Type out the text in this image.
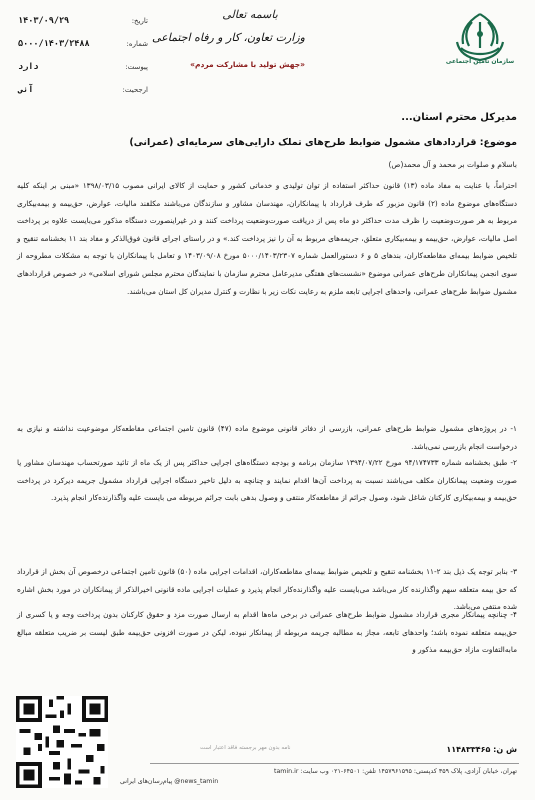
سازمان تامین اجتماعی
باسمه تعالی
وزارت تعاون، کار و رفاه اجتماعی
«جهش تولید با مشارکت مردم»
تاریخ:
۱۴۰۳/۰۹/۲۹
شماره:
۵۰۰۰/۱۴۰۳/۲۴۸۸
پیوست:
دارد
ارجحیت:
آنی
مدیرکل محترم استان...
موضوع: قراردادهای مشمول ضوابط طرح‌های تملک دارایی‌های سرمایه‌ای (عمرانی)
باسلام و صلوات بر محمد و آل محمد(ص)
احتراماً، با عنایت به مفاد ماده (۱۳) قانون حداکثر استفاده از توان تولیدی و خدماتی کشور و حمایت از کالای ایرانی مصوب ۱۳۹۸/۰۳/۱۵ «مبنی بر اینکه کلیه دستگاه‌های موضوع ماده (۲) قانون مزبور که طرف قرارداد با پیمانکاران، مهندسان مشاور و سازندگان می‌باشند مکلفند مالیات، عوارض، حق‌بیمه و بیمه‌بیکاری مربوط به هر صورت‌وضعیت را ظرف مدت حداکثر دو ماه پس از دریافت صورت‌وضعیت پرداخت کنند و در غیراینصورت دستگاه مذکور می‌بایست علاوه بر پرداخت اصل مالیات، عوارض، حق‌بیمه و بیمه‌بیکاری متعلق، جریمه‌های مربوط به آن را نیز پرداخت کند.» و در راستای اجرای قانون فوق‌الذکر و مفاد بند ۱۱ بخشنامه تنقیح و تلخیص ضوابط بیمه‌ای مقاطعه‌کاران، بندهای ۵ و ۶ دستورالعمل شماره ۵۰۰۰/۱۴۰۳/۲۳۰۷ مورخ ۱۴۰۳/۰۹/۰۸ و تعامل با پیمانکاران با توجه به مشکلات مطروحه از سوی انجمن پیمانکاران طرح‌های عمرانی موضوع «نشست‌های هفتگی مدیرعامل محترم سازمان با نمایندگان محترم مجلس شورای اسلامی» در خصوص قراردادهای مشمول ضوابط طرح‌های عمرانی، واحدهای اجرایی تابعه ملزم به رعایت نکات زیر با نظارت و کنترل مدیران کل استان می‌باشند.
۱- در پروژه‌های مشمول ضوابط طرح‌های عمرانی، بازرسی از دفاتر قانونی موضوع ماده (۴۷) قانون تامین اجتماعی مقاطعه‌کار موضوعیت نداشته و نیازی به درخواست انجام بازرسی نمی‌باشد.
۲- طبق بخشنامه شماره ۹۴/۱۷۴۷۳۳ مورخ ۱۳۹۴/۰۷/۲۲ سازمان برنامه و بودجه دستگاه‌های اجرایی حداکثر پس از یک ماه از تائید صورتحساب مهندسان مشاور یا صورت وضعیت پیمانکاران مکلف می‌باشند نسبت به پرداخت آن‌ها اقدام نمایند و چنانچه به دلیل تاخیر دستگاه اجرایی قرارداد مشمول جریمه دیرکرد در پرداخت حق‌بیمه و بیمه‌بیکاری کارکنان شاغل شود، وصول جرائم از مقاطعه‌کار منتفی و وصول بدهی بابت جرائم مربوطه می بایست علیه واگذارنده‌کار انجام پذیرد.
۳- بنابر توجه یک ذیل بند ۲-۱۱ بخشنامه تنقیح و تلخیص ضوابط بیمه‌ای مقاطعه‌کاران، اقدامات اجرایی ماده (۵۰) قانون تامین اجتماعی درخصوص آن بخش از قرارداد که حق بیمه متعلقه سهم واگذارنده کار می‌باشد می‌بایست علیه واگذارنده‌کار انجام پذیرد و عملیات اجرایی ماده قانونی اخیرالذکر از پیمانکاران در مورد بخش اشاره شده منتفی می‌باشد.
۴- چنانچه پیمانکار مجری قرارداد مشمول ضوابط طرح‌های عمرانی در برخی ماه‌ها اقدام به ارسال صورت مزد و حقوق کارکنان بدون پرداخت وجه و یا کسری از حق‌بیمه متعلقه نموده باشد؛ واحدهای تابعه، مجاز به مطالبه جریمه مربوطه از پیمانکار نبوده، لیکن در صورت افزونی حق‌بیمه طبق لیست بر ضریب متعلقه مبالغ مابه‌التفاوت مازاد حق‌بیمه مذکور و
ش ن: ۱۱۴۸۳۳۴۶۵
نامه بدون مهر برجسته فاقد اعتبار است
تهران، خیابان آزادی، پلاک ۳۵۹ کدپستی: ۱۴۵۷۹۶۱۵۹۵ تلفن: ۶۴۵۰۱-۰۲۱ وب سایت: tamin.ir
پیام‌رسان‌های ایرانی @news_tamin
